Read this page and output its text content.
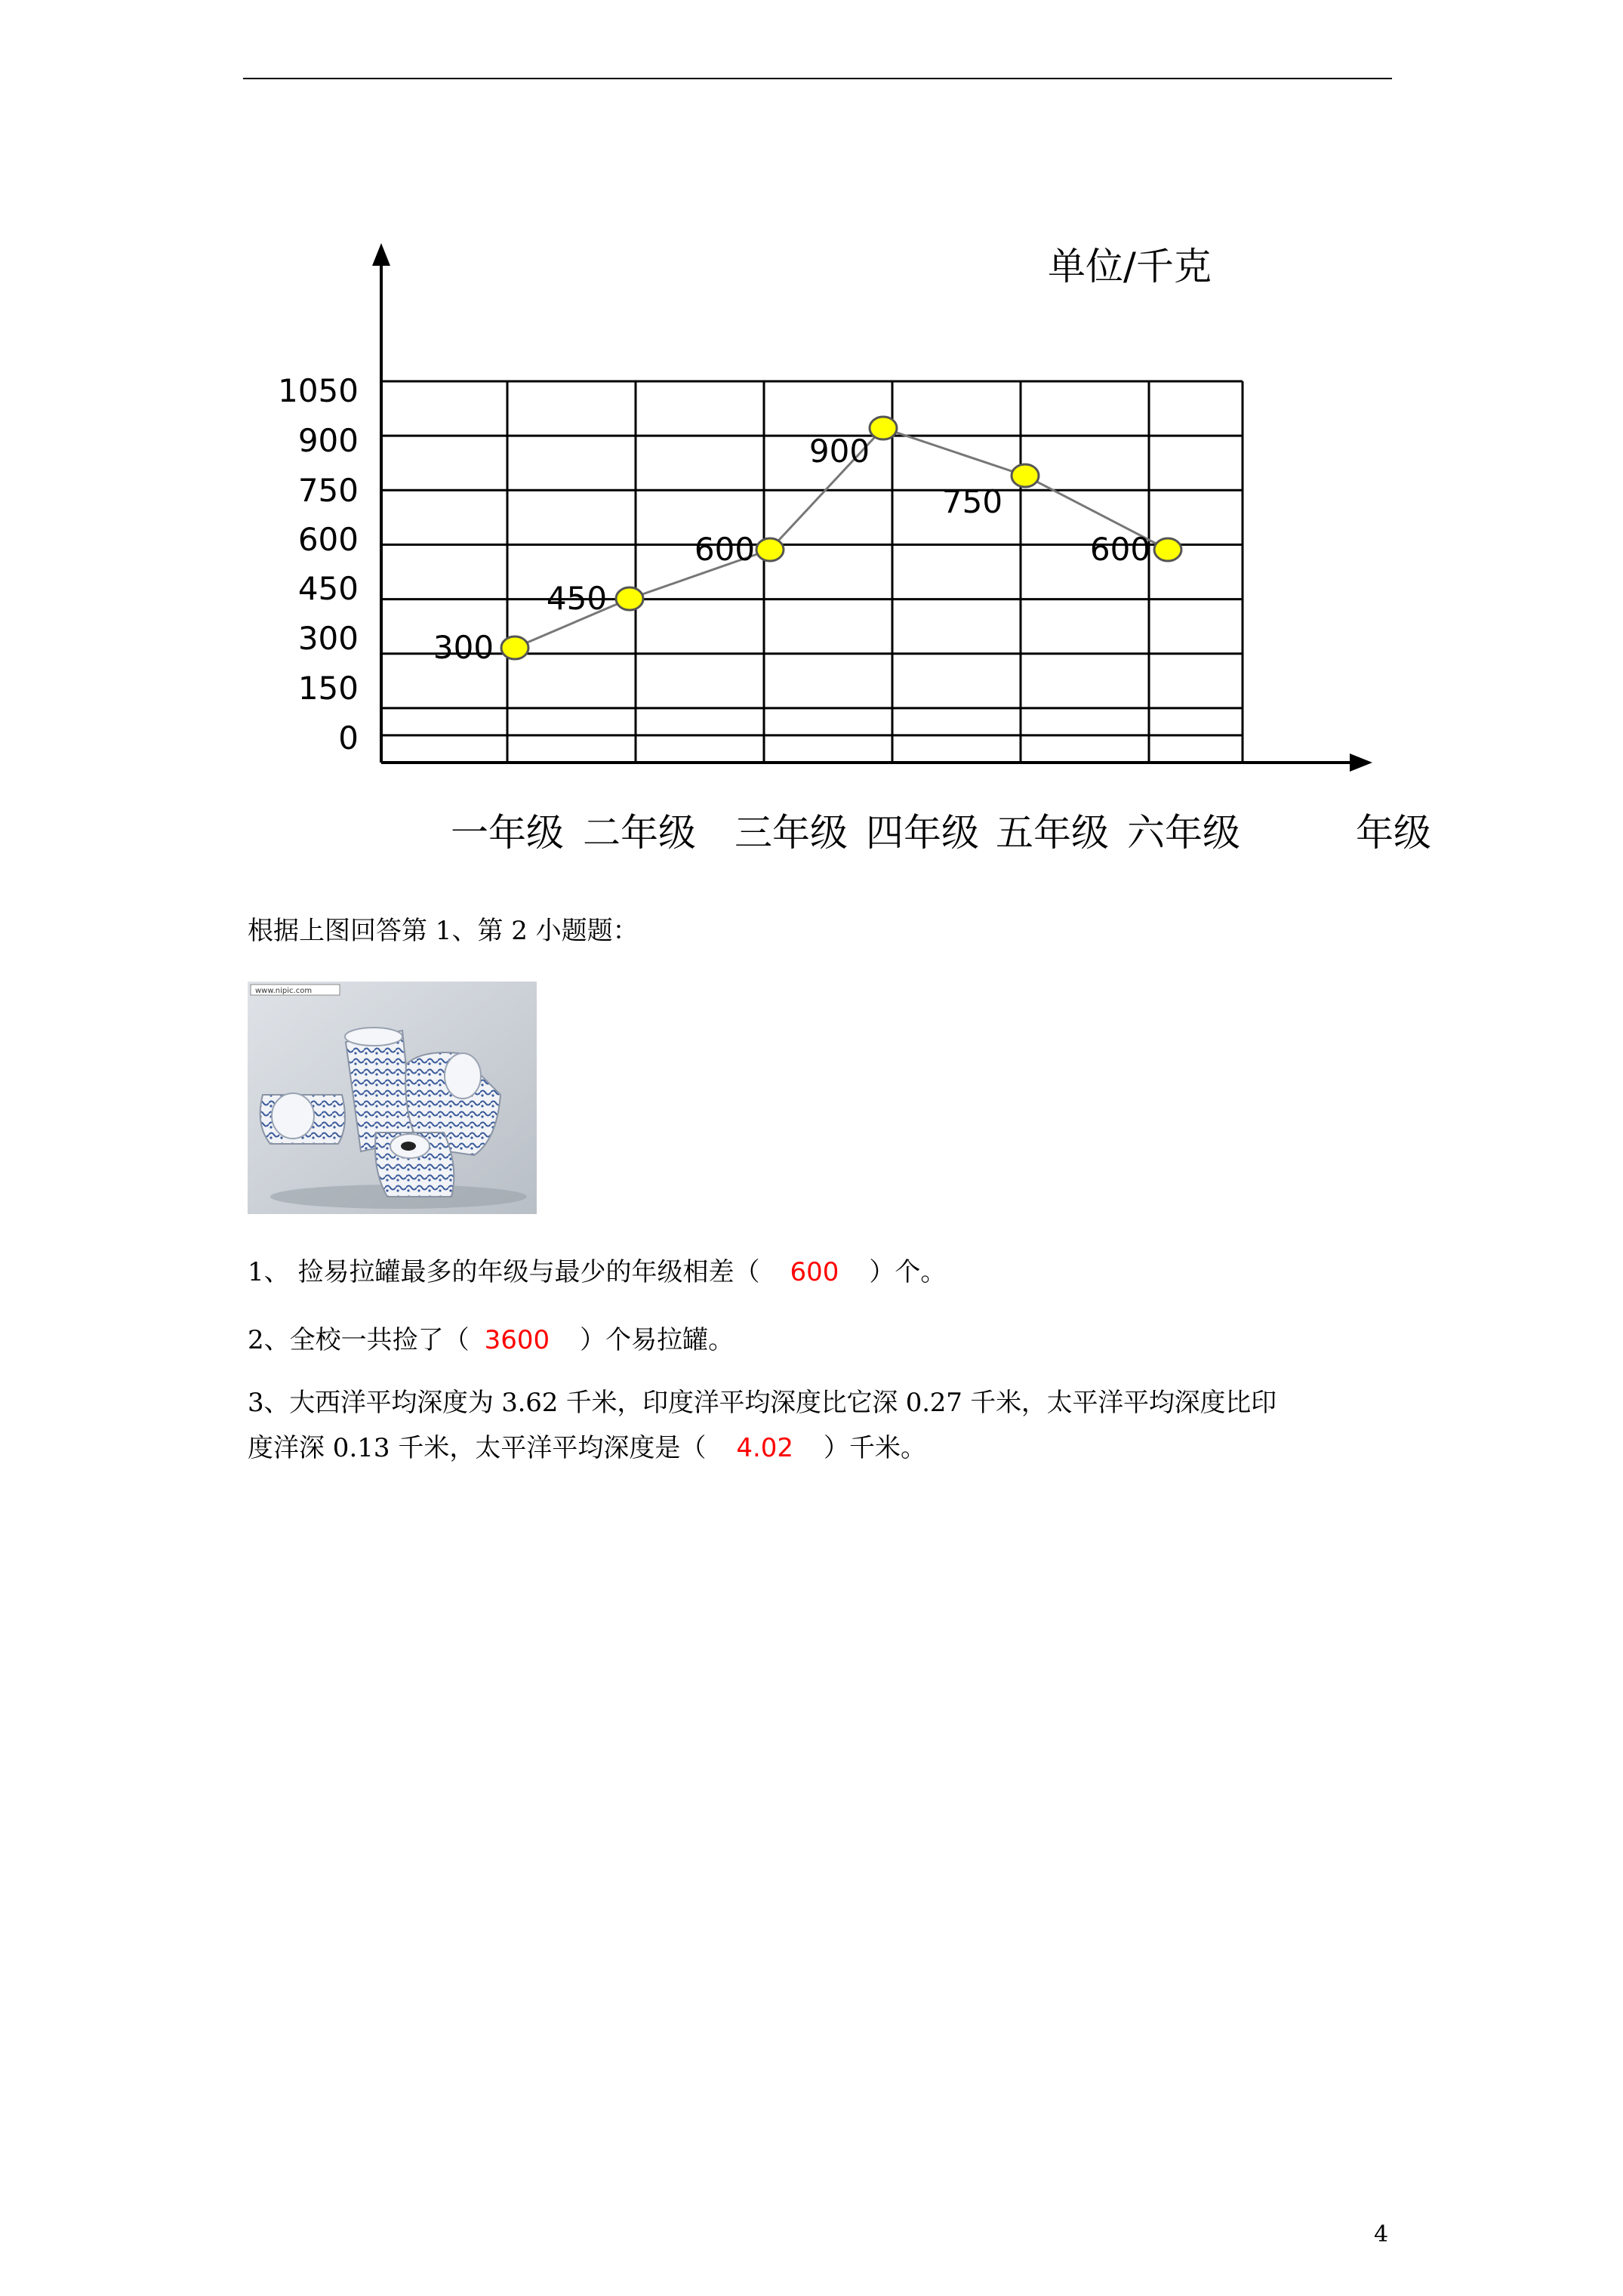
1050
900
750
600
450
300
150
0
一年级 二年级 三年级 四年级 五年级 六年级
300
450
600
900
750
600
单位/千克
年级
根据上图回答第 1、第 2 小题题：
www.nipic.com
1、 捡易拉罐最多的年级与最少的年级相差（ 600 ）个。
2、全校一共捡了（ 3600 ）个易拉罐。
3、大西洋平均深度为 3.62 千米，印度洋平均深度比它深 0.27 千米，太平洋平均深度比印
度洋深 0.13 千米，太平洋平均深度是（ 4.02 ）千米。
4
